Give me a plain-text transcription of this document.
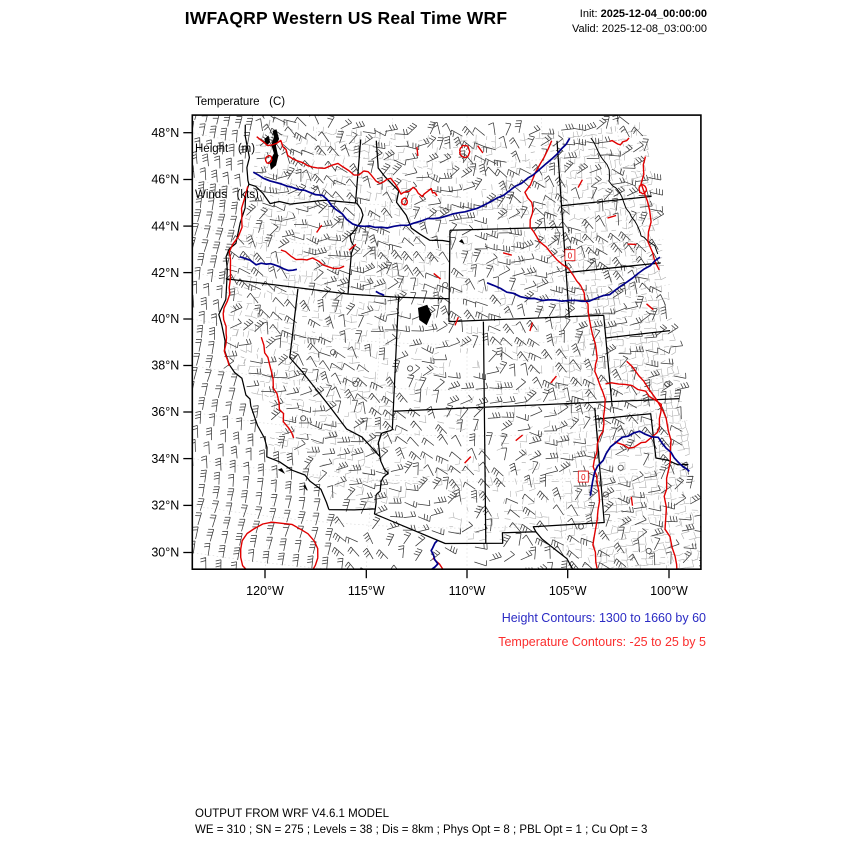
0
0
48°N
46°N
44°N
42°N
40°N
38°N
36°N
34°N
32°N
30°N
120°W	115°W	110°W	105°W	100°W
IWFAQRP Western US Real Time WRF	Init: 2025-12-04_00:00:00
Valid: 2025-12-08_03:00:00

Temperature   (C)

Height   (m)

Winds   (kts)

Height Contours: 1300 to 1660 by 60
Temperature Contours: -25 to 25 by 5
OUTPUT FROM WRF V4.6.1 MODEL
WE = 310 ; SN = 275 ; Levels = 38 ; Dis = 8km ; Phys Opt = 8 ; PBL Opt = 1 ; Cu Opt = 3
